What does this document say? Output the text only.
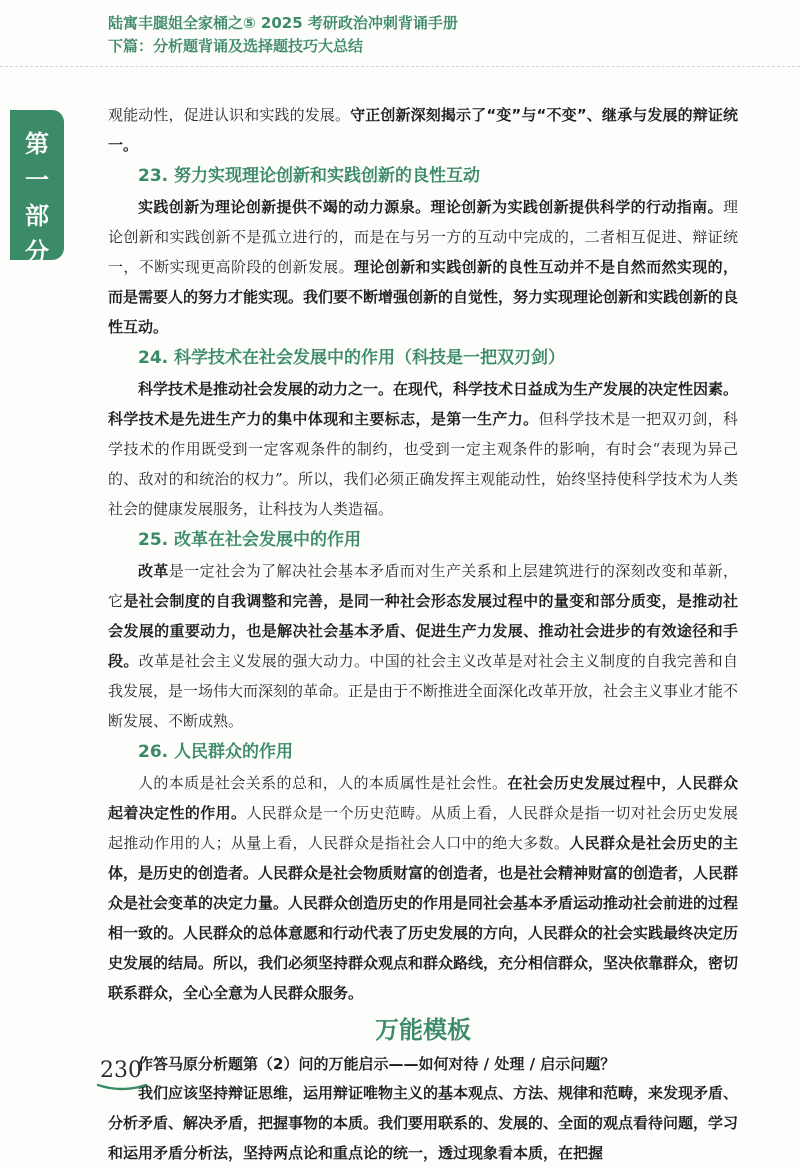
陆寓丰腿姐全家桶之⑤ 2025 考研政治冲刺背诵手册
下篇：分析题背诵及选择题技巧大总结
第
一
部
分

观能动性，促进认识和实践的发展。守正创新深刻揭示了“变”与“不变”、继承与发展的辩证统一。

23. 努力实现理论创新和实践创新的良性互动

实践创新为理论创新提供不竭的动力源泉。理论创新为实践创新提供科学的行动指南。理论创新和实践创新不是孤立进行的，而是在与另一方的互动中完成的，二者相互促进、辩证统一，不断实现更高阶段的创新发展。理论创新和实践创新的良性互动并不是自然而然实现的，而是需要人的努力才能实现。我们要不断增强创新的自觉性，努力实现理论创新和实践创新的良性互动。

24. 科学技术在社会发展中的作用（科技是一把双刃剑）

科学技术是推动社会发展的动力之一。在现代，科学技术日益成为生产发展的决定性因素。科学技术是先进生产力的集中体现和主要标志，是第一生产力。但科学技术是一把双刃剑，科学技术的作用既受到一定客观条件的制约，也受到一定主观条件的影响，有时会“表现为异己的、敌对的和统治的权力”。所以，我们必须正确发挥主观能动性，始终坚持使科学技术为人类社会的健康发展服务，让科技为人类造福。

25. 改革在社会发展中的作用

改革是一定社会为了解决社会基本矛盾而对生产关系和上层建筑进行的深刻改变和革新，它是社会制度的自我调整和完善，是同一种社会形态发展过程中的量变和部分质变，是推动社会发展的重要动力，也是解决社会基本矛盾、促进生产力发展、推动社会进步的有效途径和手段。改革是社会主义发展的强大动力。中国的社会主义改革是对社会主义制度的自我完善和自我发展，是一场伟大而深刻的革命。正是由于不断推进全面深化改革开放，社会主义事业才能不断发展、不断成熟。

26. 人民群众的作用

人的本质是社会关系的总和，人的本质属性是社会性。在社会历史发展过程中，人民群众起着决定性的作用。人民群众是一个历史范畴。从质上看，人民群众是指一切对社会历史发展起推动作用的人；从量上看，人民群众是指社会人口中的绝大多数。人民群众是社会历史的主体，是历史的创造者。人民群众是社会物质财富的创造者，也是社会精神财富的创造者，人民群众是社会变革的决定力量。人民群众创造历史的作用是同社会基本矛盾运动推动社会前进的过程相一致的。人民群众的总体意愿和行动代表了历史发展的方向，人民群众的社会实践最终决定历史发展的结局。所以，我们必须坚持群众观点和群众路线，充分相信群众，坚决依靠群众，密切联系群众，全心全意为人民群众服务。

万能模板

作答马原分析题第（2）问的万能启示——如何对待 / 处理 / 启示问题？

我们应该坚持辩证思维，运用辩证唯物主义的基本观点、方法、规律和范畴，来发现矛盾、分析矛盾、解决矛盾，把握事物的本质。我们要用联系的、发展的、全面的观点看待问题，学习和运用矛盾分析法，坚持两点论和重点论的统一，透过现象看本质，在把握

230
